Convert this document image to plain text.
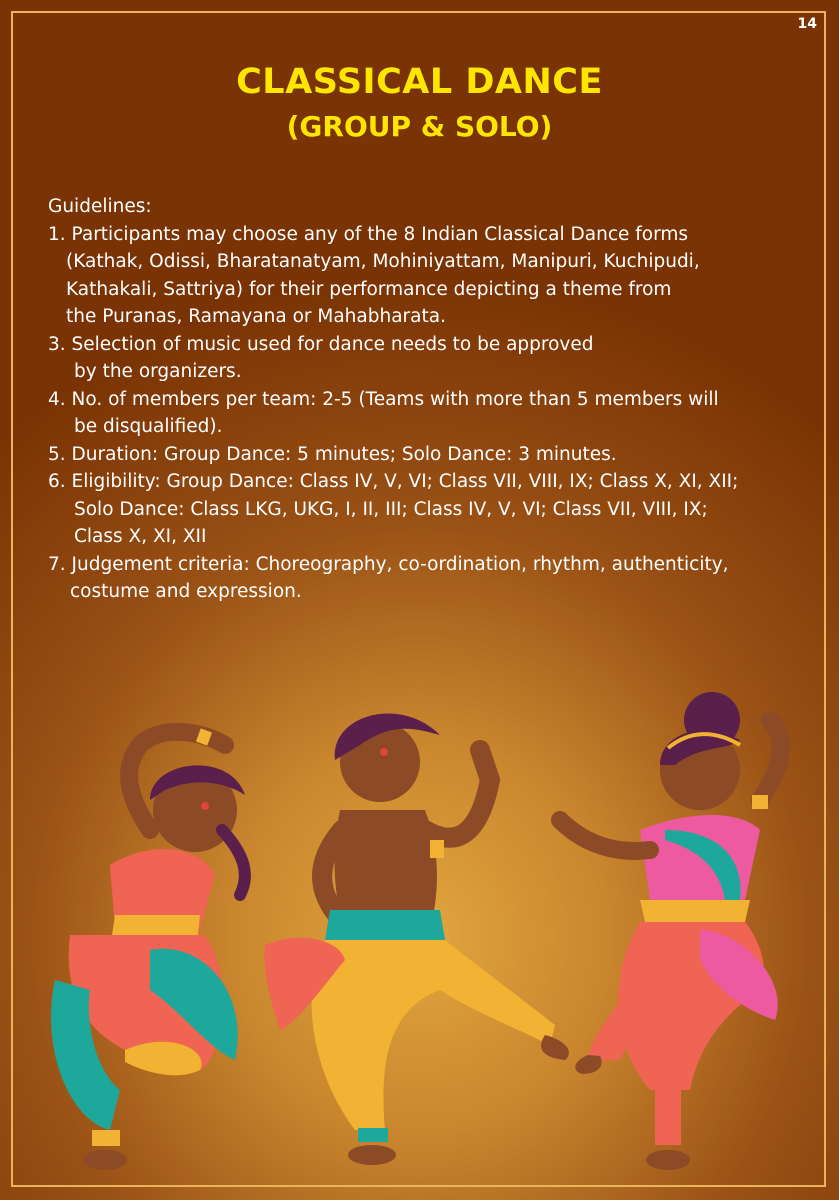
14
CLASSICAL DANCE
(GROUP & SOLO)

Guidelines:

1. Participants may choose any of the 8 Indian Classical Dance forms

(Kathak, Odissi, Bharatanatyam, Mohiniyattam, Manipuri, Kuchipudi,

Kathakali, Sattriya) for their performance depicting a theme from

the Puranas, Ramayana or Mahabharata.

3. Selection of music used for dance needs to be approved

by the organizers.

4. No. of members per team: 2-5 (Teams with more than 5 members will

be disqualified).

5. Duration: Group Dance: 5 minutes; Solo Dance: 3 minutes.

6. Eligibility: Group Dance: Class IV, V, VI; Class VII, VIII, IX; Class X, XI, XII;

Solo Dance: Class LKG, UKG, I, II, III; Class IV, V, VI; Class VII, VIII, IX;

Class X, XI, XII

7. Judgement criteria: Choreography, co-ordination, rhythm, authenticity,

costume and expression.
